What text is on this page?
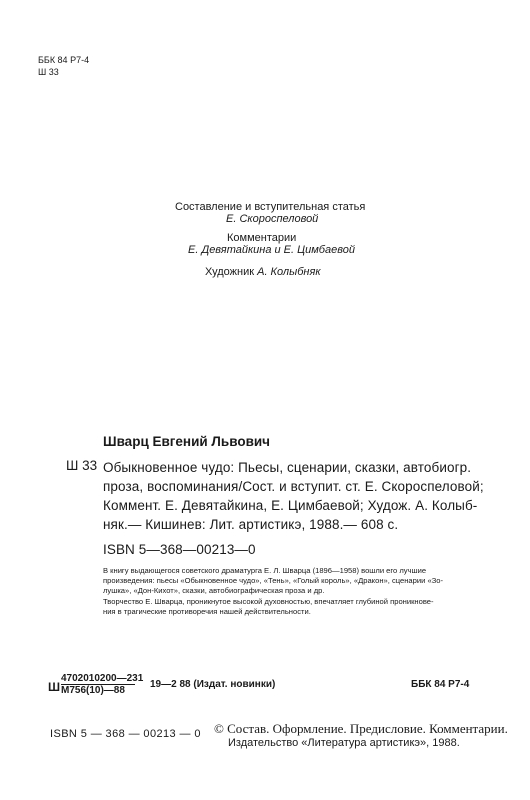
ББК 84 Р7-4
Ш 33
Составление и вступительная статья
Е. Скороспеловой
Комментарии
Е. Девятайкина и Е. Цимбаевой
Художник А. Колыбняк
Шварц Евгений Львович
Ш 33 Обыкновенное чудо: Пьесы, сценарии, сказки, автобиогр.
проза, воспоминания/Сост. и вступит. ст. Е. Скороспеловой;
Коммент. Е. Девятайкина, Е. Цимбаевой; Худож. А. Колыб-
няк.— Кишинев: Лит. артистикэ, 1988.— 608 с.
ISBN 5—368—00213—0
В книгу выдающегося советского драматурга Е. Л. Шварца (1896—1958) вошли его лучшие
произведения: пьесы «Обыкновенное чудо», «Тень», «Голый король», «Дракон», сценарии «Зо-
лушка», «Дон-Кихот», сказки, автобиографическая проза и др.
Творчество Е. Шварца, проникнутое высокой духовностью, впечатляет глубиной проникнове-
ния в трагические противоречия нашей действительности.
Ш
4702010200—231
М756(10)—88
19—2 88 (Издат. новинки)	ББК 84 Р7-4
ISBN 5 — 368 — 00213 — 0 © Состав. Оформление. Предисловие. Комментарии.
Издательство «Литература артистикэ», 1988.
